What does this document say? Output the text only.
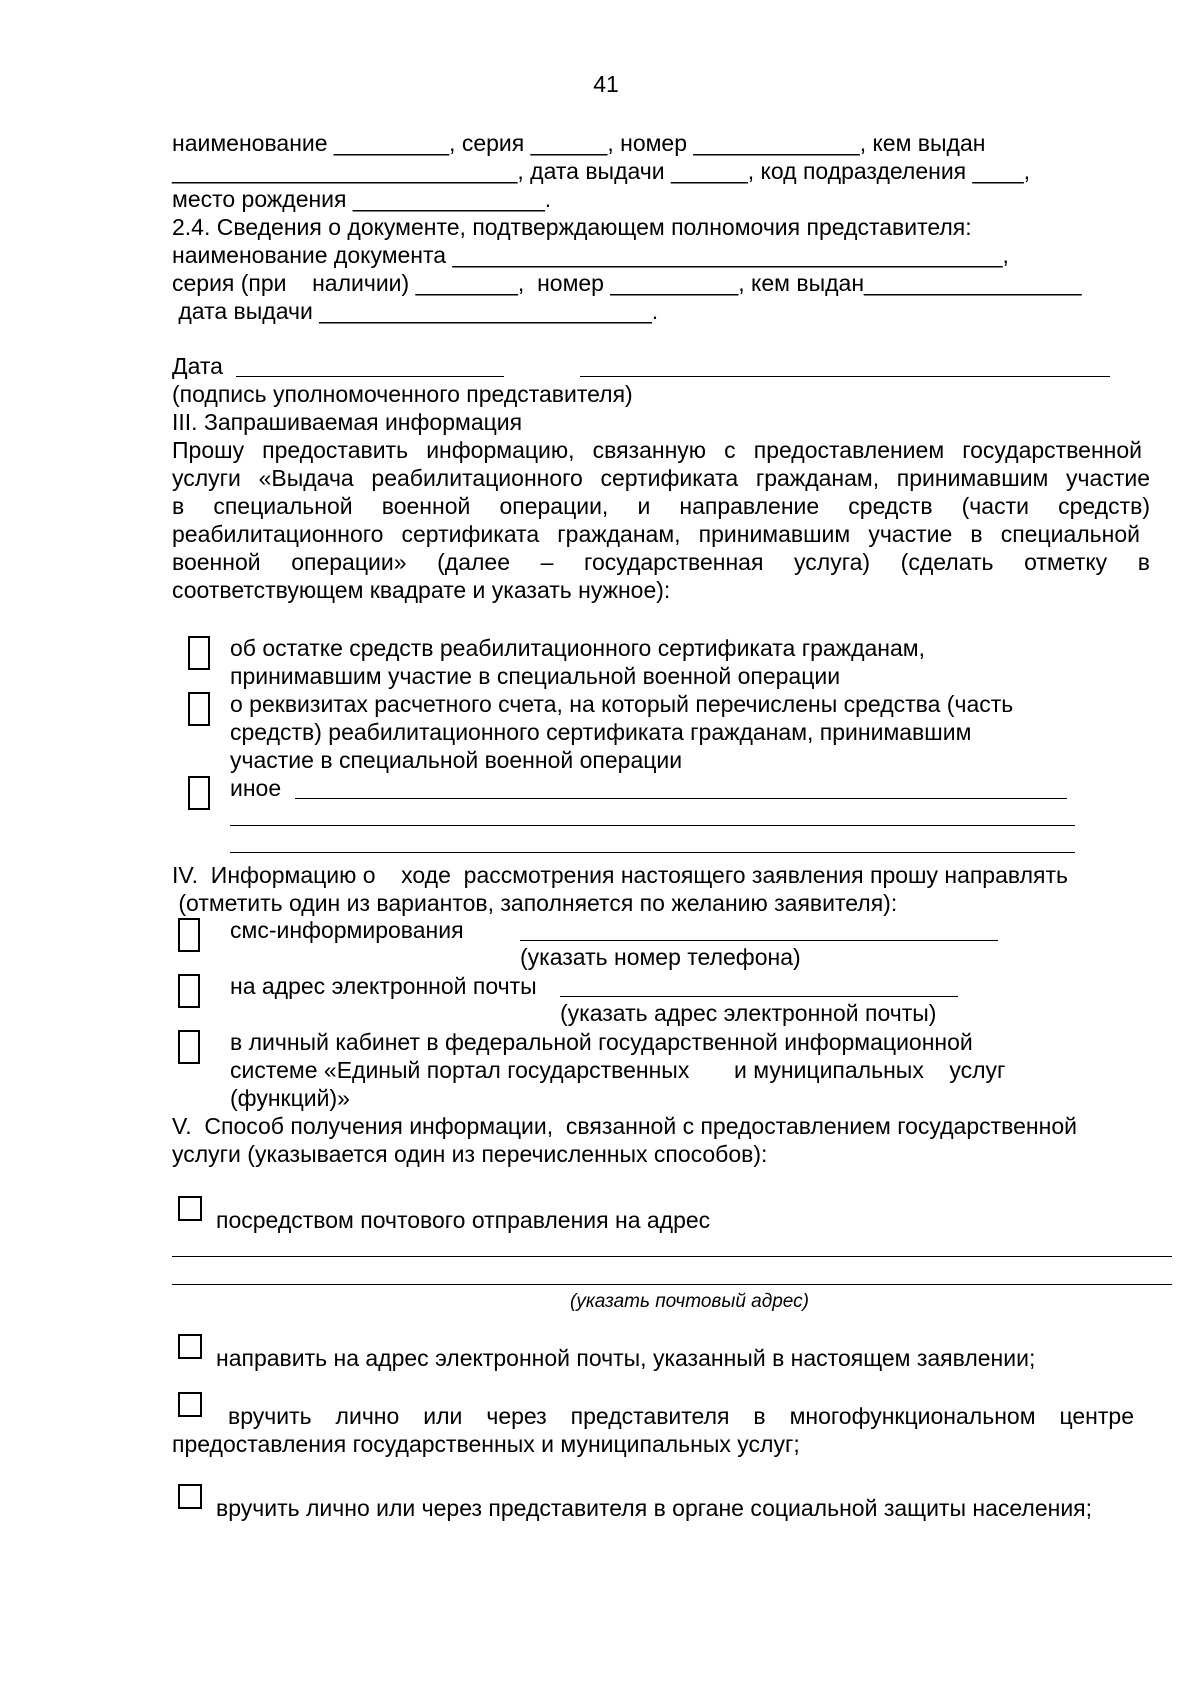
41
наименование _________, серия ______, номер _____________, кем выдан
___________________________, дата выдачи ______, код подразделения ____,
место рождения _______________.
2.4. Сведения о документе, подтверждающем полномочия представителя:
наименование документа ___________________________________________,
серия (при    наличии) ________,  номер __________, кем выдан_________________
дата выдачи __________________________.
Дата
(подпись уполномоченного представителя)
III. Запрашиваемая информация
Прошу предоставить информацию, связанную с предоставлением государственной
услуги «Выдача реабилитационного сертификата гражданам, принимавшим участие
в специальной военной операции, и направление средств (части средств)
реабилитационного сертификата гражданам, принимавшим участие в специальной
военной операции» (далее – государственная услуга) (сделать отметку в
соответствующем квадрате и указать нужное):
об остатке средств реабилитационного сертификата гражданам,
принимавшим участие в специальной военной операции
о реквизитах расчетного счета, на который перечислены средства (часть
средств) реабилитационного сертификата гражданам, принимавшим
участие в специальной военной операции
иное
IV.  Информацию о    ходе  рассмотрения настоящего заявления прошу направлять
(отметить один из вариантов, заполняется по желанию заявителя):
смс-информирования
(указать номер телефона)
на адрес электронной почты
(указать адрес электронной почты)
в личный кабинет в федеральной государственной информационной
системе «Единый портал государственных       и муниципальных    услуг
(функций)»
V.  Способ получения информации,  связанной с предоставлением государственной
услуги (указывается один из перечисленных способов):
посредством почтового отправления на адрес
(указать почтовый адрес)
направить на адрес электронной почты, указанный в настоящем заявлении;
вручить лично или через представителя в многофункциональном центре
предоставления государственных и муниципальных услуг;
вручить лично или через представителя в органе социальной защиты населения;
